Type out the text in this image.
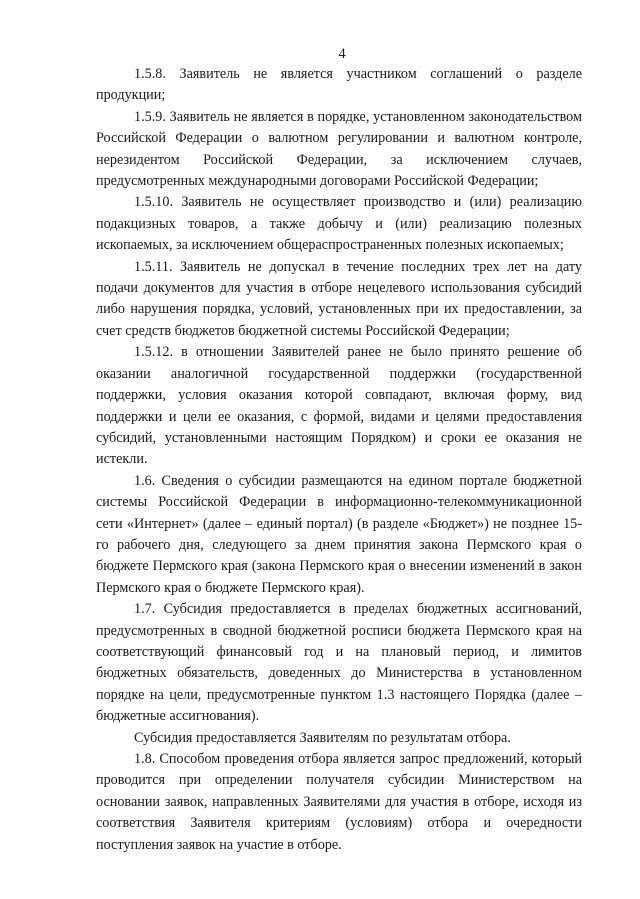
4

1.5.8. Заявитель не является участником соглашений о разделе продукции;

1.5.9. Заявитель не является в порядке, установленном законодательством Российской Федерации о валютном регулировании и валютном контроле, нерезидентом Российской Федерации, за исключением случаев, предусмотренных международными договорами Российской Федерации;

1.5.10. Заявитель не осуществляет производство и (или) реализацию подакцизных товаров, а также добычу и (или) реализацию полезных ископаемых, за исключением общераспространенных полезных ископаемых;

1.5.11. Заявитель не допускал в течение последних трех лет на дату подачи документов для участия в отборе нецелевого использования субсидий либо нарушения порядка, условий, установленных при их предоставлении, за счет средств бюджетов бюджетной системы Российской Федерации;

1.5.12. в отношении Заявителей ранее не было принято решение об оказании аналогичной государственной поддержки (государственной поддержки, условия оказания которой совпадают, включая форму, вид поддержки и цели ее оказания, с формой, видами и целями предоставления субсидий, установленными настоящим Порядком) и сроки ее оказания не истекли.

1.6. Сведения о субсидии размещаются на едином портале бюджетной системы Российской Федерации в информационно-телекоммуникационной сети «Интернет» (далее – единый портал) (в разделе «Бюджет») не позднее 15-го рабочего дня, следующего за днем принятия закона Пермского края о бюджете Пермского края (закона Пермского края о внесении изменений в закон Пермского края о бюджете Пермского края).

1.7. Субсидия предоставляется в пределах бюджетных ассигнований, предусмотренных в сводной бюджетной росписи бюджета Пермского края на соответствующий финансовый год и на плановый период, и лимитов бюджетных обязательств, доведенных до Министерства в установленном порядке на цели, предусмотренные пунктом 1.3 настоящего Порядка (далее – бюджетные ассигнования).

Субсидия предоставляется Заявителям по результатам отбора.

1.8. Способом проведения отбора является запрос предложений, который проводится при определении получателя субсидии Министерством на основании заявок, направленных Заявителями для участия в отборе, исходя из соответствия Заявителя критериям (условиям) отбора и очередности поступления заявок на участие в отборе.
